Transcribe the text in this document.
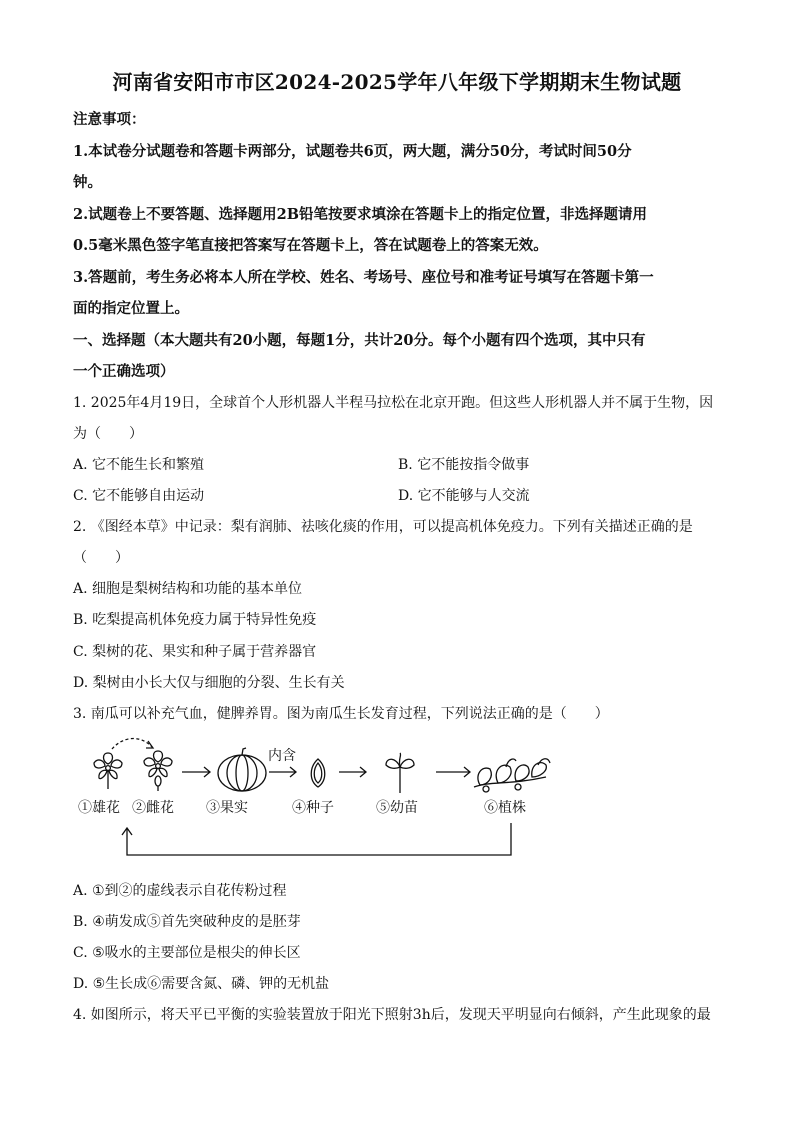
河南省安阳市市区2024-2025学年八年级下学期期末生物试题
注意事项：
1.本试卷分试题卷和答题卡两部分，试题卷共6页，两大题，满分50分，考试时间50分
钟。
2.试题卷上不要答题、选择题用2B铅笔按要求填涂在答题卡上的指定位置，非选择题请用
0.5毫米黑色签字笔直接把答案写在答题卡上，答在试题卷上的答案无效。
3.答题前，考生务必将本人所在学校、姓名、考场号、座位号和准考证号填写在答题卡第一
面的指定位置上。
一、选择题（本大题共有20小题，每题1分，共计20分。每个小题有四个选项，其中只有
一个正确选项）
1. 2025年4月19日，全球首个人形机器人半程马拉松在北京开跑。但这些人形机器人并不属于生物，因
为（　　）
A. 它不能生长和繁殖	B. 它不能按指令做事
C. 它不能够自由运动	D. 它不能够与人交流
2. 《图经本草》中记录：梨有润肺、祛咳化痰的作用，可以提高机体免疫力。下列有关描述正确的是
（　　）
A. 细胞是梨树结构和功能的基本单位
B. 吃梨提高机体免疫力属于特异性免疫
C. 梨树的花、果实和种子属于营养器官
D. 梨树由小长大仅与细胞的分裂、生长有关
3. 南瓜可以补充气血，健脾养胃。图为南瓜生长发育过程，下列说法正确的是（　　）
内含
①雄花 ②雌花 ③果实	④种子	⑤幼苗	⑥植株
A. ①到②的虚线表示自花传粉过程
B. ④萌发成⑤首先突破种皮的是胚芽
C. ⑤吸水的主要部位是根尖的伸长区
D. ⑤生长成⑥需要含氮、磷、钾的无机盐
4. 如图所示，将天平已平衡的实验装置放于阳光下照射3h后，发现天平明显向右倾斜，产生此现象的最
